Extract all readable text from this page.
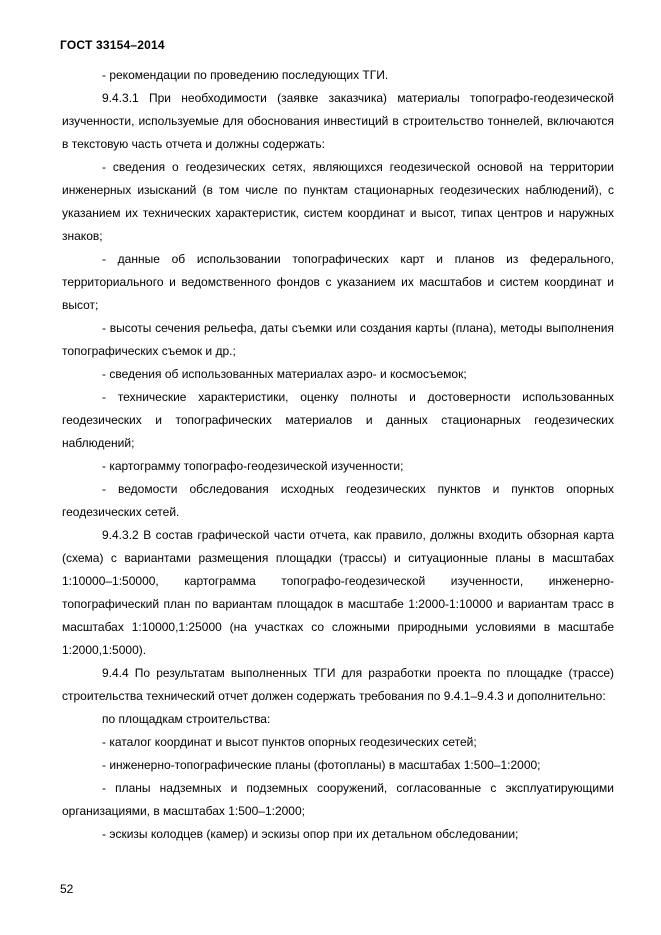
ГОСТ 33154–2014

- рекомендации по проведению последующих ТГИ.

9.4.3.1 При необходимости (заявке заказчика) материалы топографо-геодезической изученности, используемые для обоснования инвестиций в строительство тоннелей, включаются в текстовую часть отчета и должны содержать:

- сведения о геодезических сетях, являющихся геодезической основой на территории инженерных изысканий (в том числе по пунктам стационарных геодезических наблюдений), с указанием их технических характеристик, систем координат и высот, типах центров и наружных знаков;

- данные об использовании топографических карт и планов из федерального, территориального и ведомственного фондов с указанием их масштабов и систем координат и высот;

- высоты сечения рельефа, даты съемки или создания карты (плана), методы выполнения топографических съемок и др.;

- сведения об использованных материалах аэро- и космосъемок;

- технические характеристики, оценку полноты и достоверности использованных геодезических и топографических материалов и данных стационарных геодезических наблюдений;

- картограмму топографо-геодезической изученности;

- ведомости обследования исходных геодезических пунктов и пунктов опорных геодезических сетей.

9.4.3.2 В состав графической части отчета, как правило, должны входить обзорная карта (схема) с вариантами размещения площадки (трассы) и ситуационные планы в масштабах 1:10000–1:50000, картограмма топографо-геодезической изученности, инженерно-топографический план по вариантам площадок в масштабе 1:2000-1:10000 и вариантам трасс в масштабах 1:10000,1:25000 (на участках со сложными природными условиями в масштабе 1:2000,1:5000).

9.4.4 По результатам выполненных ТГИ для разработки проекта по площадке (трассе) строительства технический отчет должен содержать требования по 9.4.1–9.4.3 и дополнительно:

по площадкам строительства:

- каталог координат и высот пунктов опорных геодезических сетей;

- инженерно-топографические планы (фотопланы) в масштабах 1:500–1:2000;

- планы надземных и подземных сооружений, согласованные с эксплуатирующими организациями, в масштабах 1:500–1:2000;

- эскизы колодцев (камер) и эскизы опор при их детальном обследовании;

52
